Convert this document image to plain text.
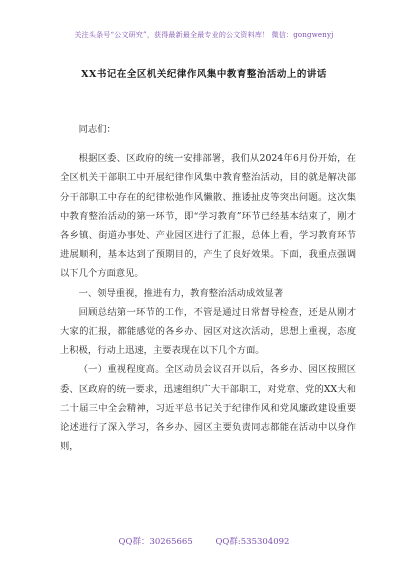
关注头条号“公文研究”，获得最新最全最专业的公文资料库！ 微信：gongwenyj
XX书记在全区机关纪律作风集中教育整治活动上的讲话

同志们：

根据区委、区政府的统一安排部署，我们从2024年6月份开始，在全区机关干部职工中开展纪律作风集中教育整治活动，目的就是解决部分干部职工中存在的纪律松弛作风懒散、推诿扯皮等突出问题。这次集中教育整治活动的第一环节，即“学习教育”环节已经基本结束了，刚才各乡镇、街道办事处、产业园区进行了汇报，总体上看，学习教育环节进展顺利，基本达到了预期目的，产生了良好效果。下面，我重点强调以下几个方面意见。

一、领导重视，推进有力，教育整治活动成效显著

回顾总结第一环节的工作，不管是通过日常督导检查，还是从刚才大家的汇报，都能感觉的各乡办、园区对这次活动，思想上重视，态度上积极，行动上迅速，主要表现在以下几个方面。

（一）重视程度高。全区动员会议召开以后，各乡办、园区按照区委、区政府的统一要求，迅速组织广大干部职工，对党章、党的XX大和二十届三中全会精神，习近平总书记关于纪律作风和党风廉政建设重要论述进行了深入学习，各乡办、园区主要负责同志都能在活动中以身作则，

QQ群：30265665	QQ群:535304092
